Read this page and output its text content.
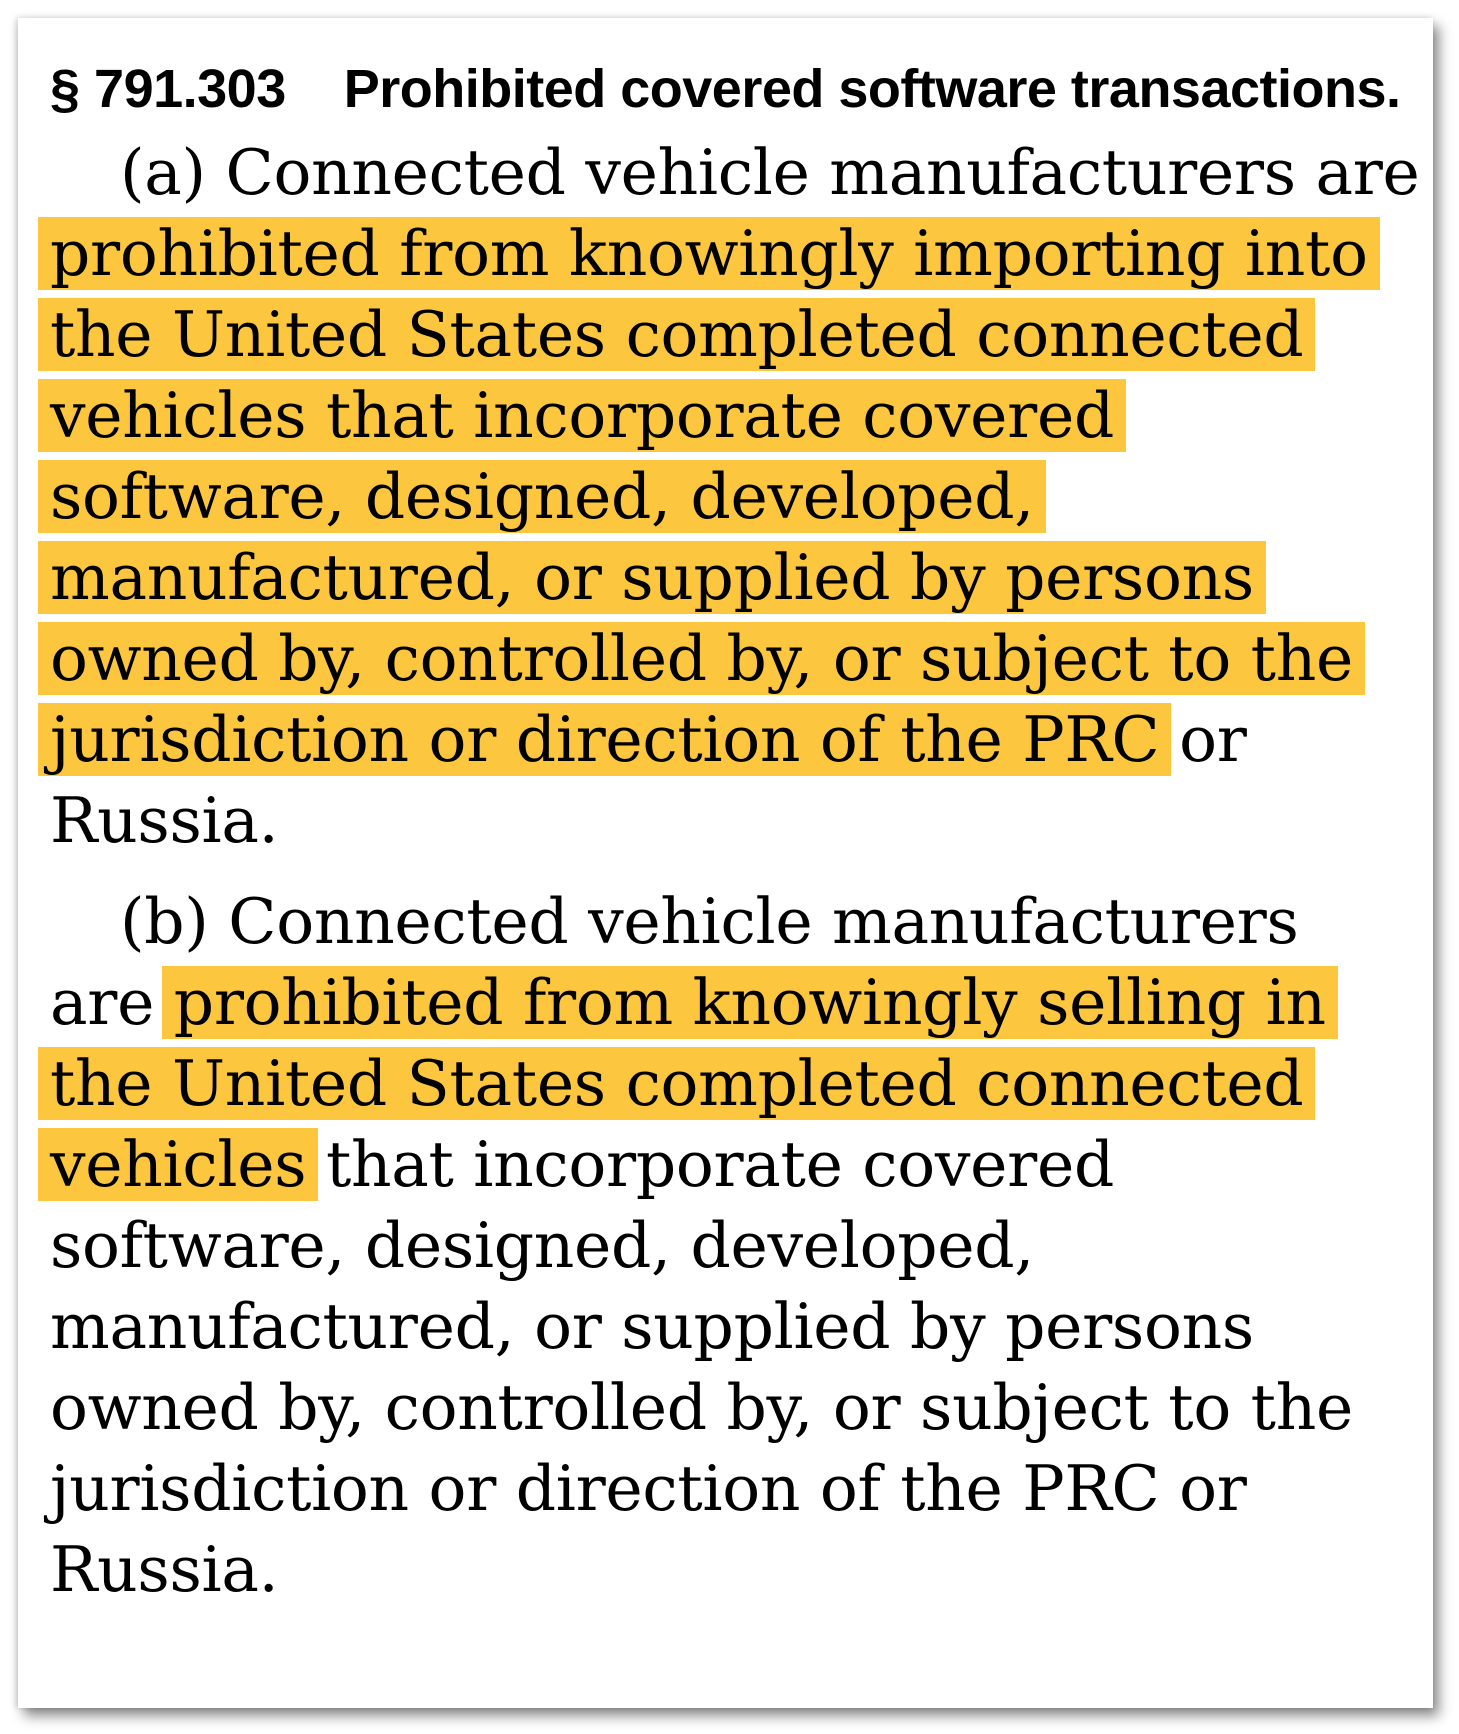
§ 791.303 Prohibited covered software transactions.

(a) Connected vehicle manufacturers are prohibited from knowingly importing into the United States completed connected vehicles that incorporate covered software, designed, developed, manufactured, or supplied by persons owned by, controlled by, or subject to the jurisdiction or direction of the PRC or Russia.

(b) Connected vehicle manufacturers are prohibited from knowingly selling in the United States completed connected vehicles that incorporate covered software, designed, developed, manufactured, or supplied by persons owned by, controlled by, or subject to the jurisdiction or direction of the PRC or Russia.
